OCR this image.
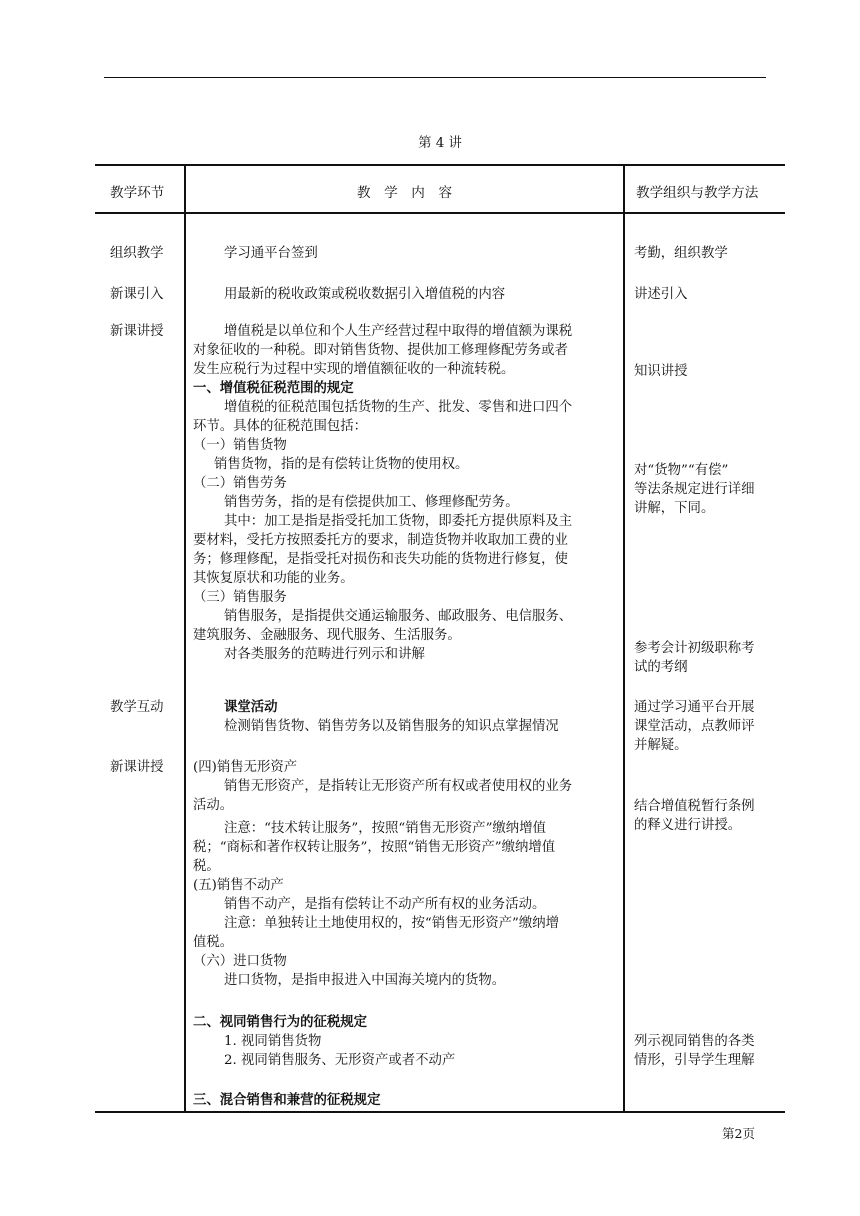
第 4 讲
教学环节	教　学　内　容	教学组织与教学方法
组织教学
新课引入
新课讲授
教学互动
新课讲授
学习通平台签到
用最新的税收政策或税收数据引入增值税的内容
增值税是以单位和个人生产经营过程中取得的增值额为课税
对象征收的一种税。即对销售货物、提供加工修理修配劳务或者
发生应税行为过程中实现的增值额征收的一种流转税。
一、增值税征税范围的规定
增值税的征税范围包括货物的生产、批发、零售和进口四个
环节。具体的征税范围包括：
（一）销售货物
销售货物，指的是有偿转让货物的使用权。
（二）销售劳务
销售劳务，指的是有偿提供加工、修理修配劳务。
其中：加工是指是指受托加工货物，即委托方提供原料及主
要材料，受托方按照委托方的要求，制造货物并收取加工费的业
务；修理修配，是指受托对损伤和丧失功能的货物进行修复，使
其恢复原状和功能的业务。
（三）销售服务
销售服务，是指提供交通运输服务、邮政服务、电信服务、
建筑服务、金融服务、现代服务、生活服务。
对各类服务的范畴进行列示和讲解
课堂活动
检测销售货物、销售劳务以及销售服务的知识点掌握情况
(四)销售无形资产
销售无形资产，是指转让无形资产所有权或者使用权的业务
活动。
注意：“技术转让服务”，按照“销售无形资产”缴纳增值
税；“商标和著作权转让服务”，按照“销售无形资产”缴纳增值
税。
(五)销售不动产
销售不动产，是指有偿转让不动产所有权的业务活动。
注意：单独转让土地使用权的，按“销售无形资产”缴纳增
值税。
（六）进口货物
进口货物，是指申报进入中国海关境内的货物。
二、视同销售行为的征税规定
1. 视同销售货物
2. 视同销售服务、无形资产或者不动产
三、混合销售和兼营的征税规定
考勤，组织教学
讲述引入
知识讲授
对“货物”“有偿”
等法条规定进行详细
讲解，下同。
参考会计初级职称考
试的考纲
通过学习通平台开展
课堂活动，点教师评
并解疑。
结合增值税暂行条例
的释义进行讲授。
列示视同销售的各类
情形，引导学生理解
第2页
